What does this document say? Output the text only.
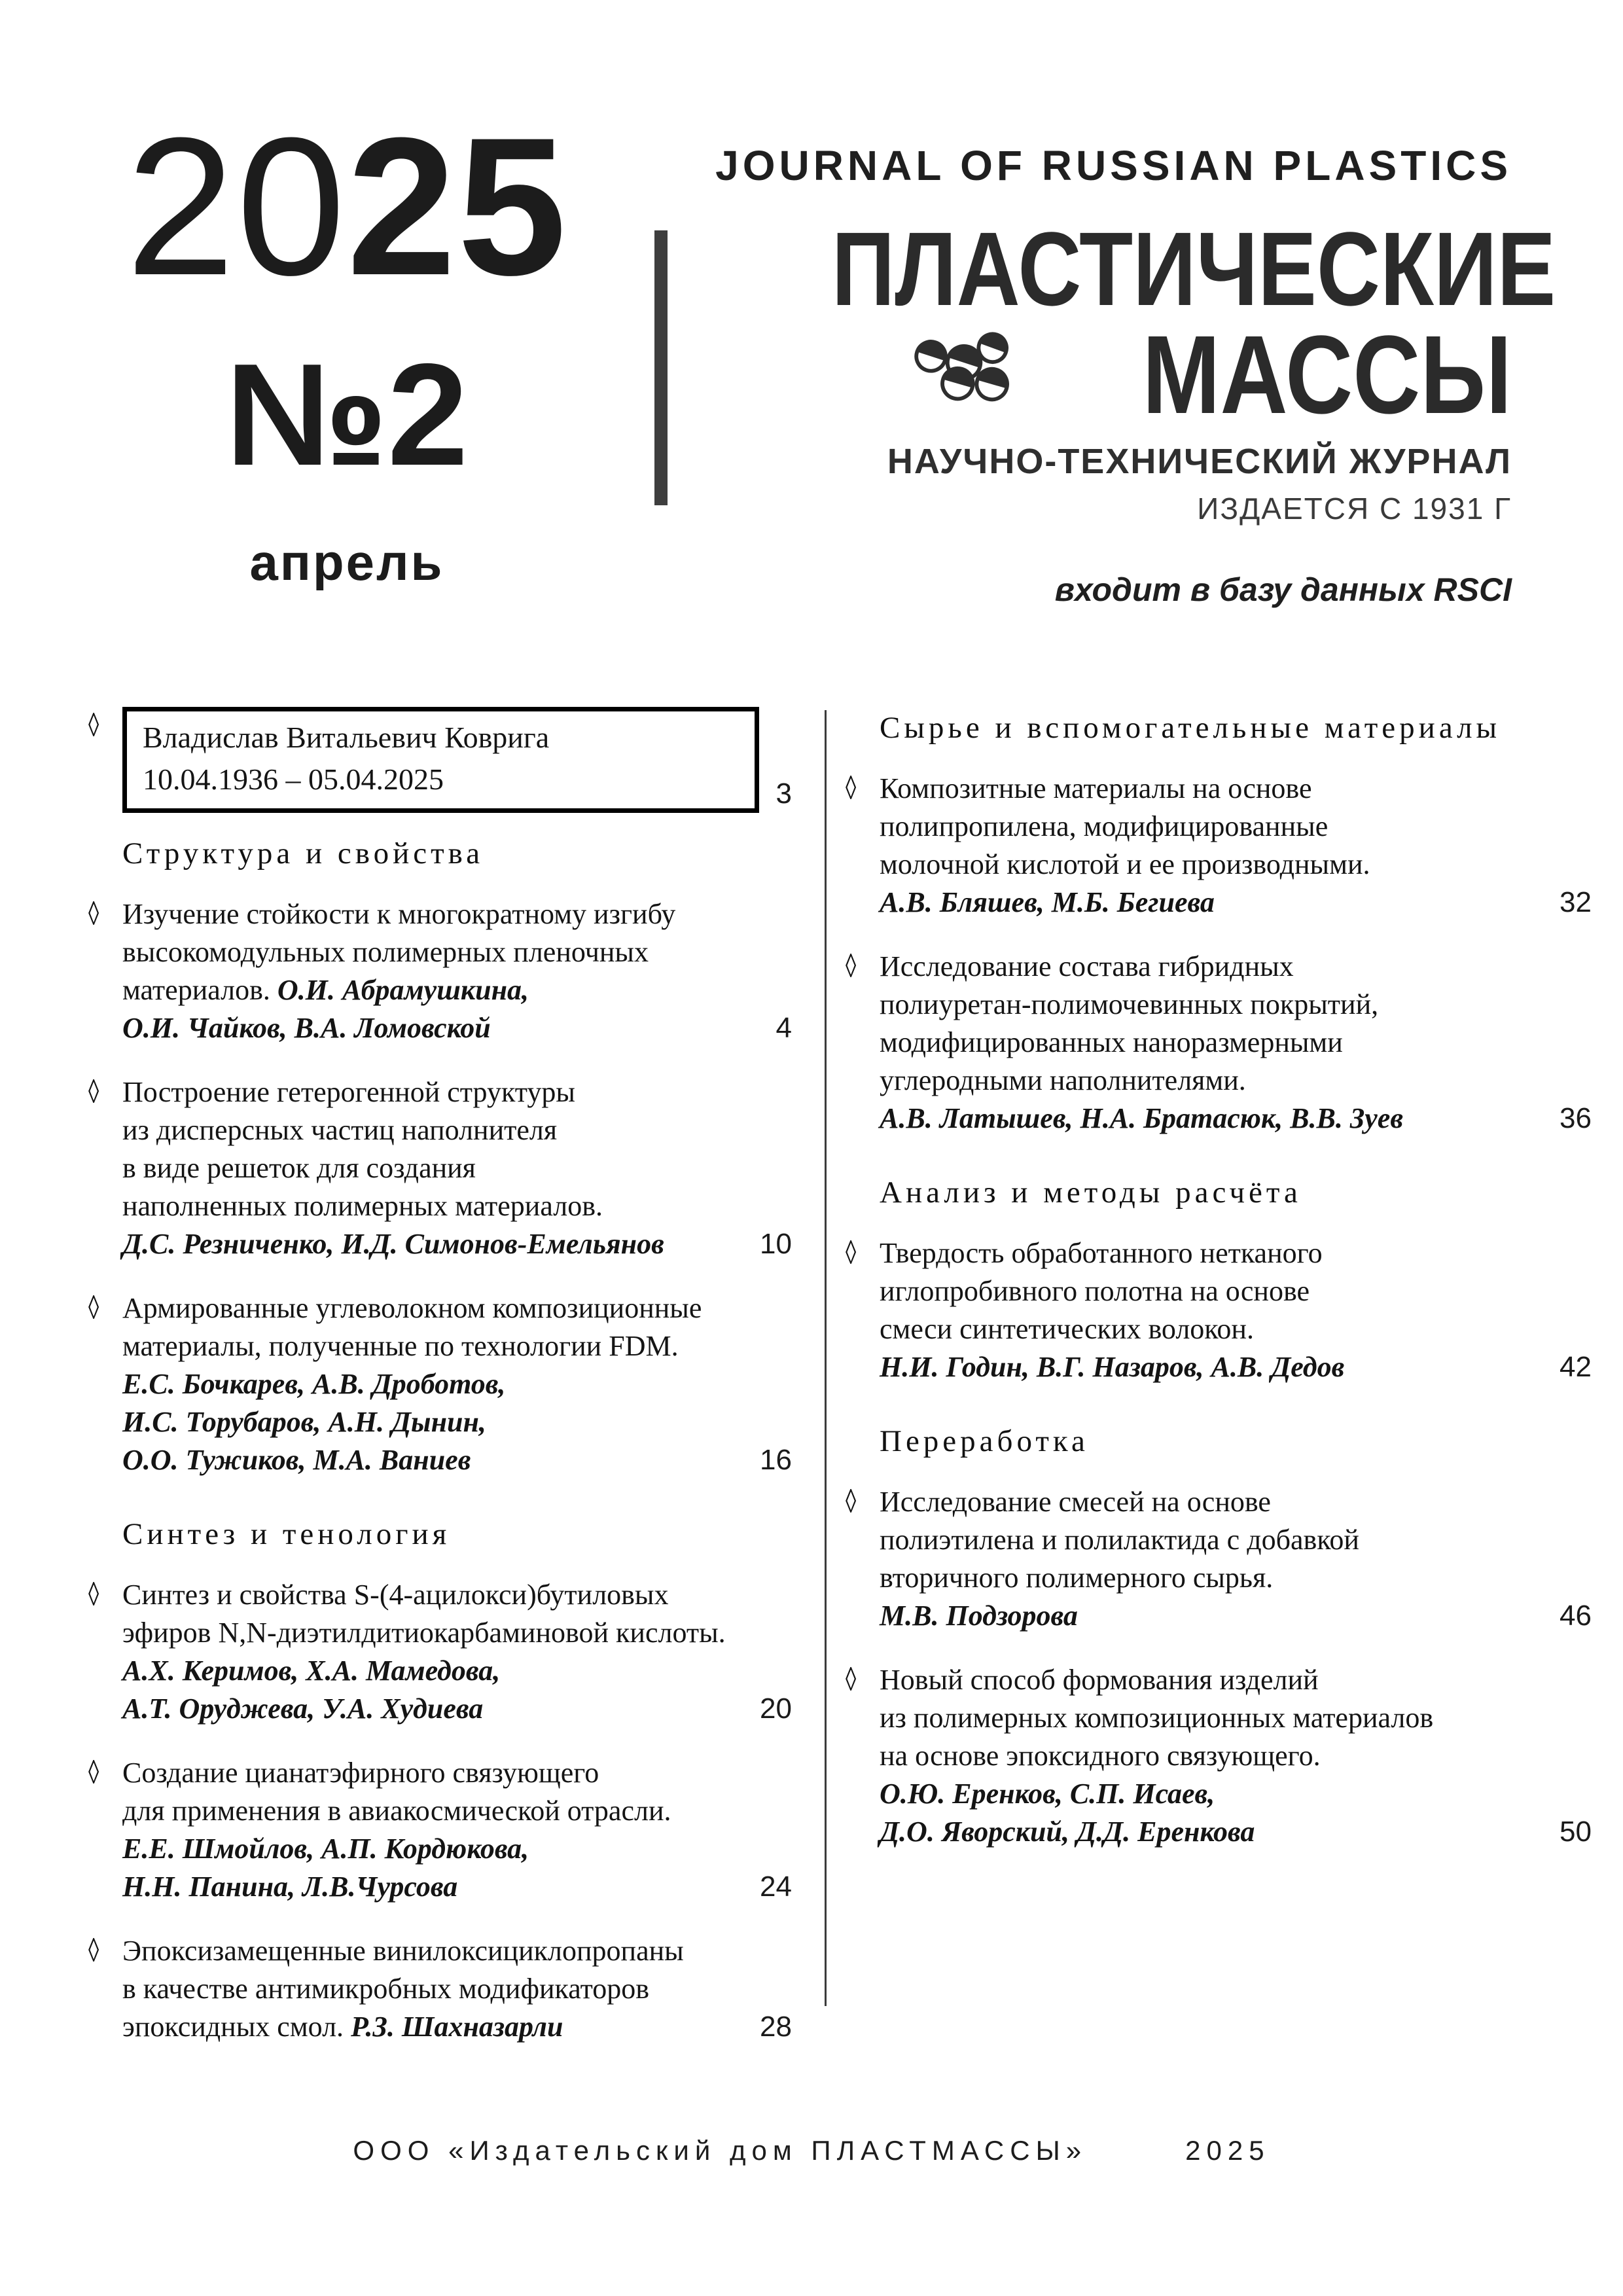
2025
№2
апрель
JOURNAL OF RUSSIAN PLASTICS
ПЛАСТИЧЕСКИЕ
МАССЫ
НАУЧНО-ТЕХНИЧЕСКИЙ ЖУРНАЛ
ИЗДАЕТСЯ С 1931 Г
входит в базу данных RSCI
◊	Владислав Витальевич Коврига
10.04.1936 – 05.04.2025	3
Структура и свойства
◊ Изучение стойкости к многократному изгибу
высокомодульных полимерных пленочных
материалов. О.И. Абрамушкина,
О.И. Чайков, В.А. Ломовской	4
◊ Построение гетерогенной структуры
из дисперсных частиц наполнителя
в виде решеток для создания
наполненных полимерных материалов.
Д.С. Резниченко, И.Д. Симонов-Емельянов	10
◊ Армированные углеволокном композиционные
материалы, полученные по технологии FDM.
Е.С. Бочкарев, А.В. Дроботов,
И.С. Торубаров, А.Н. Дынин,
О.О. Тужиков, М.А. Ваниев	16
Синтез и тенология
◊ Синтез и свойства S-(4-ацилокси)бутиловых
эфиров N,N-диэтилдитиокарбаминовой кислоты.
А.Х. Керимов, Х.А. Мамедова,
А.Т. Оруджева, У.А. Худиева	20
◊ Создание цианатэфирного связующего
для применения в авиакосмической отрасли.
Е.Е. Шмойлов, А.П. Кордюкова,
Н.Н. Панина, Л.В.Чурсова	24
◊ Эпоксизамещенные винилоксициклопропаны
в качестве антимикробных модификаторов
эпоксидных смол. Р.З. Шахназарли	28
Сырье и вспомогательные материалы
◊ Композитные материалы на основе
полипропилена, модифицированные
молочной кислотой и ее производными.
А.В. Бляшев, М.Б. Бегиева	32
◊ Исследование состава гибридных
полиуретан-полимочевинных покрытий,
модифицированных наноразмерными
углеродными наполнителями.
А.В. Латышев, Н.А. Братасюк, В.В. Зуев	36
Анализ и методы расчёта
◊ Твердость обработанного нетканого
иглопробивного полотна на основе
смеси синтетических волокон.
Н.И. Годин, В.Г. Назаров, А.В. Дедов	42
Переработка
◊ Исследование смесей на основе
полиэтилена и полилактида с добавкой
вторичного полимерного сырья.
М.В. Подзорова	46
◊ Новый способ формования изделий
из полимерных композиционных материалов
на основе эпоксидного связующего.
О.Ю. Еренков, С.П. Исаев,
Д.О. Яворский, Д.Д. Еренкова	50
ООО «Издательский дом ПЛАСТМАССЫ»	2025
